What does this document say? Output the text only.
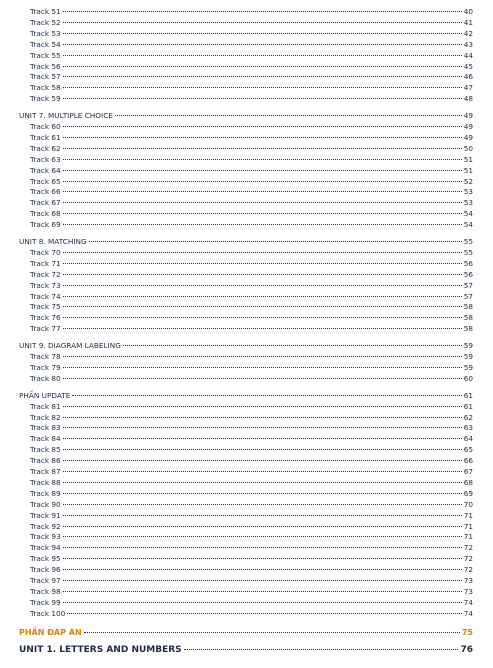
Track 51	40
Track 52	41
Track 53	42
Track 54	43
Track 55	44
Track 56	45
Track 57	46
Track 58	47
Track 59	48
UNIT 7. MULTIPLE CHOICE	49
Track 60	49
Track 61	49
Track 62	50
Track 63	51
Track 64	51
Track 65	52
Track 66	53
Track 67	53
Track 68	54
Track 69	54
UNIT 8. MATCHING	55
Track 70	55
Track 71	56
Track 72	56
Track 73	57
Track 74	57
Track 75	58
Track 76	58
Track 77	58
UNIT 9. DIAGRAM LABELING	59
Track 78	59
Track 79	59
Track 80	60
PHẦN UPDATE	61
Track 81	61
Track 82	62
Track 83	63
Track 84	64
Track 85	65
Track 86	66
Track 87	67
Track 88	68
Track 89	69
Track 90	70
Track 91	71
Track 92	71
Track 93	71
Track 94	72
Track 95	72
Track 96	72
Track 97	73
Track 98	73
Track 99	74
Track 100	74
PHẦN ĐÁP ÁN	75
UNIT 1. LETTERS AND NUMBERS	76
